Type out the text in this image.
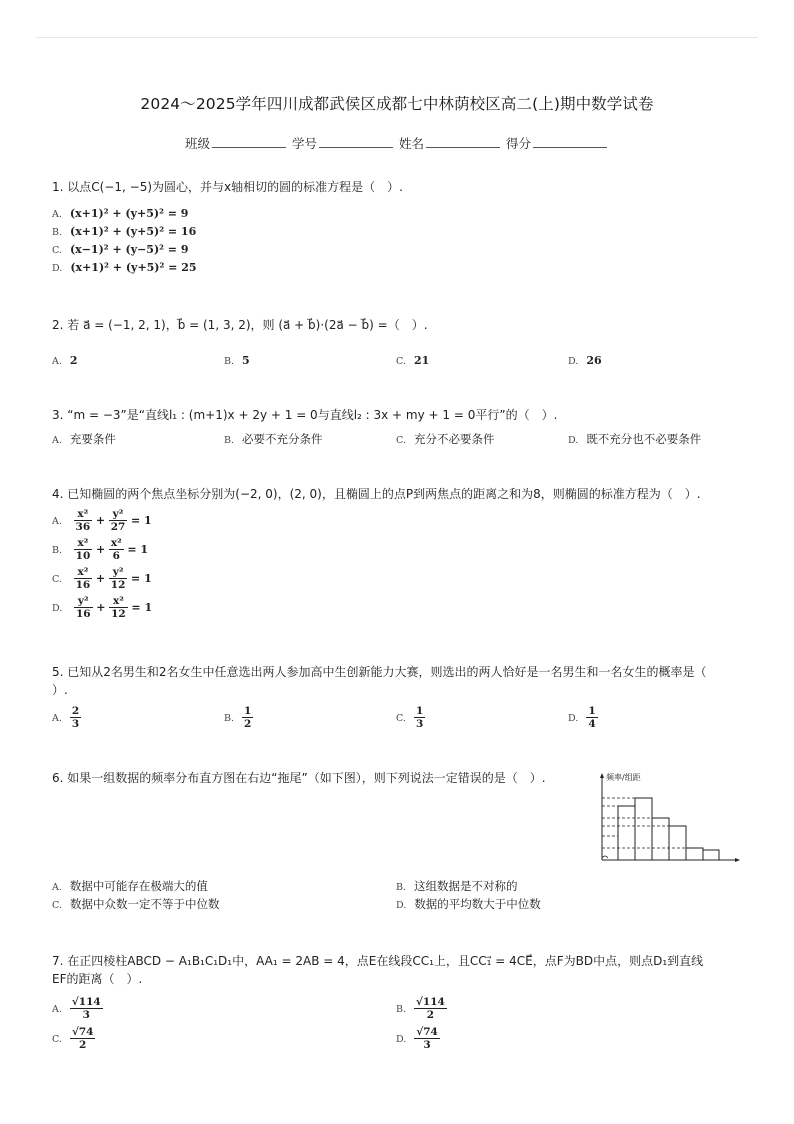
2024～2025学年四川成都武侯区成都七中林荫校区高二(上)期中数学试卷
班级	学号	姓名	得分
1. 以点C(−1, −5)为圆心，并与x轴相切的圆的标准方程是（　）.
A. (x+1)² + (y+5)² = 9
B. (x+1)² + (y+5)² = 16
C. (x−1)² + (y−5)² = 9
D. (x+1)² + (y+5)² = 25
2. 若 a⃗ = (−1, 2, 1)，b⃗ = (1, 3, 2)，则 (a⃗ + b⃗)·(2a⃗ − b⃗) =（　）.
A. 2	B. 5	C. 21	D. 26
3. “m = −3”是“直线l₁ : (m+1)x + 2y + 1 = 0与直线l₂ : 3x + my + 1 = 0平行”的（　）.
A. 充要条件	B. 必要不充分条件	C. 充分不必要条件	D. 既不充分也不必要条件
4. 已知椭圆的两个焦点坐标分别为(−2, 0)，(2, 0)，且椭圆上的点P到两焦点的距离之和为8，则椭圆的标准方程为（　）.
A. $\frac{\text{x²}}{36} + \frac{\text{y²}}{27} = 1$
B. $\frac{\text{x²}}{10} + \frac{\text{x²}}{6} = 1$
C. $\frac{\text{x²}}{16} + \frac{\text{y²}}{12} = 1$
D. $\frac{\text{y²}}{16} + \frac{\text{x²}}{12} = 1$
5. 已知从2名男生和2名女生中任意选出两人参加高中生创新能力大赛，则选出的两人恰好是一名男生和一名女生的概率是（
）.
A. $\frac{2}{3}$	B. $\frac{1}{2}$	C. $\frac{1}{3}$	D. $\frac{1}{4}$
6. 如果一组数据的频率分布直方图在右边“拖尾”（如下图），则下列说法一定错误的是（　）.	频率/组距
A. 数据中可能存在极端大的值	B. 这组数据是不对称的
C. 数据中众数一定不等于中位数	D. 数据的平均数大于中位数
7. 在正四棱柱ABCD − A₁B₁C₁D₁中，AA₁ = 2AB = 4，点E在线段CC₁上，且CC₁⃗ = 4CE⃗，点F为BD中点，则点D₁到直线
EF的距离（　）.
A. $\frac{√114}{3}$	B. $\frac{√114}{2}$
C. $\frac{√74}{2}$	D. $\frac{√74}{3}$
